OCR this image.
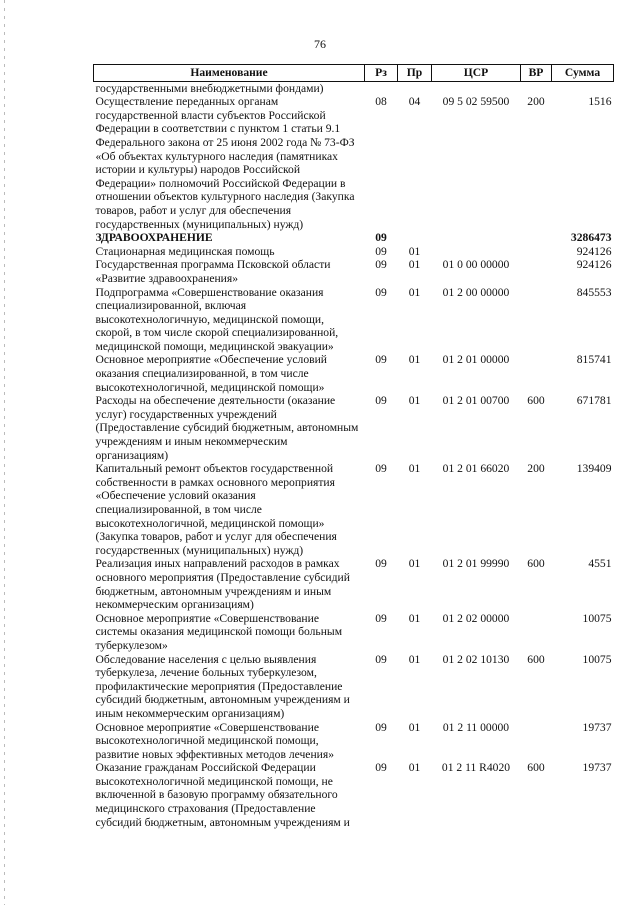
76
Наименование	Рз	Пр	ЦСР	ВР	Сумма
государственными внебюджетными фондами)					
Осуществление переданных органам государственной власти субъектов Российской Федерации в соответствии с пунктом 1 статьи 9.1 Федерального закона от 25 июня 2002 года № 73-ФЗ «Об объектах культурного наследия (памятниках истории и культуры) народов Российской Федерации» полномочий Российской Федерации в отношении объектов культурного наследия (Закупка товаров, работ и услуг для обеспечения государственных (муниципальных) нужд)	08	04	09 5 02 59500	200	1516
ЗДРАВООХРАНЕНИЕ	09				3286473
Стационарная медицинская помощь	09	01			924126
Государственная программа Псковской области «Развитие здравоохранения»	09	01	01 0 00 00000		924126
Подпрограмма «Совершенствование оказания специализированной, включая высокотехнологичную, медицинской помощи, скорой, в том числе скорой специализированной, медицинской помощи, медицинской эвакуации»	09	01	01 2 00 00000		845553
Основное мероприятие «Обеспечение условий оказания специализированной, в том числе высокотехнологичной, медицинской помощи»	09	01	01 2 01 00000		815741
Расходы на обеспечение деятельности (оказание услуг) государственных учреждений (Предоставление субсидий бюджетным, автономным учреждениям и иным некоммерческим организациям)	09	01	01 2 01 00700	600	671781
Капитальный ремонт объектов государственной собственности в рамках основного мероприятия «Обеспечение условий оказания специализированной, в том числе высокотехнологичной, медицинской помощи» (Закупка товаров, работ и услуг для обеспечения государственных (муниципальных) нужд)	09	01	01 2 01 66020	200	139409
Реализация иных направлений расходов в рамках основного мероприятия (Предоставление субсидий бюджетным, автономным учреждениям и иным некоммерческим организациям)	09	01	01 2 01 99990	600	4551
Основное мероприятие «Совершенствование системы оказания медицинской помощи больным туберкулезом»	09	01	01 2 02 00000		10075
Обследование населения с целью выявления туберкулеза, лечение больных туберкулезом, профилактические мероприятия (Предоставление субсидий бюджетным, автономным учреждениям и иным некоммерческим организациям)	09	01	01 2 02 10130	600	10075
Основное мероприятие «Совершенствование высокотехнологичной медицинской помощи, развитие новых эффективных методов лечения»	09	01	01 2 11 00000		19737
Оказание гражданам Российской Федерации высокотехнологичной медицинской помощи, не включенной в базовую программу обязательного медицинского страхования (Предоставление субсидий бюджетным, автономным учреждениям и	09	01	01 2 11 R4020	600	19737
